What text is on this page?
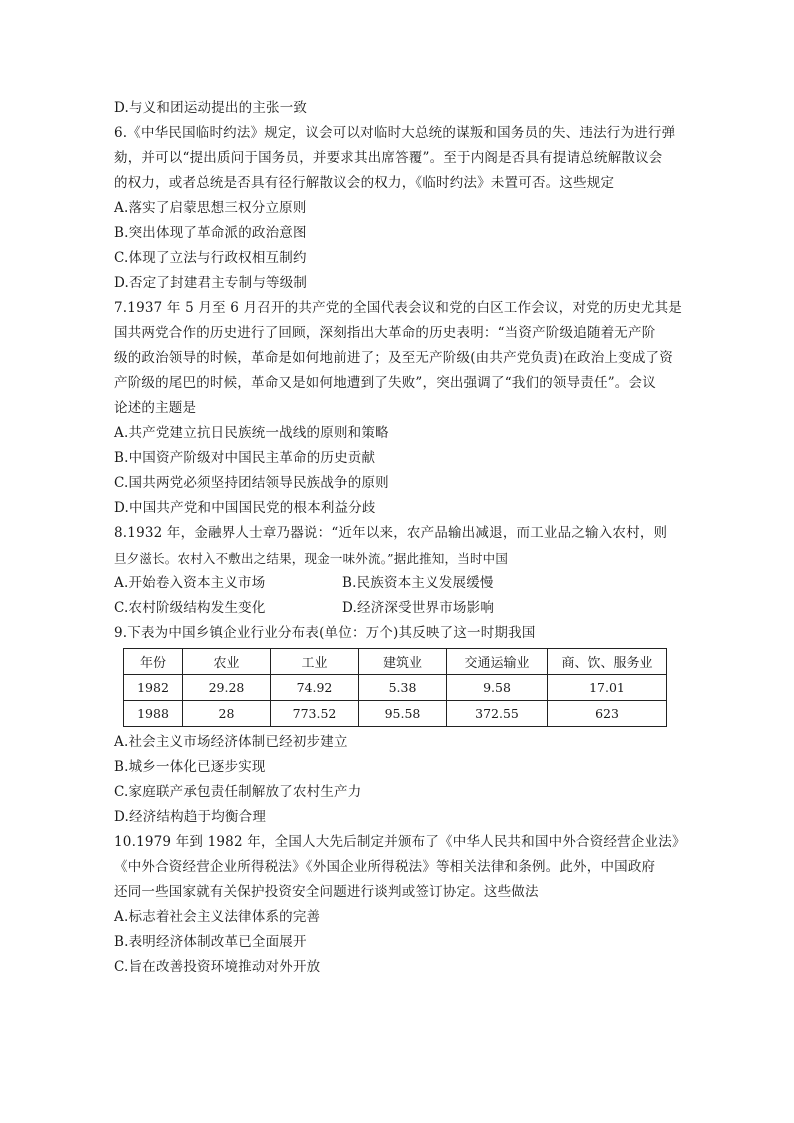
D.与义和团运动提出的主张一致
6.《中华民国临时约法》规定，议会可以对临时大总统的谋叛和国务员的失、违法行为进行弹
劾，并可以“提出质问于国务员，并要求其出席答覆”。至于内阁是否具有提请总统解散议会
的权力，或者总统是否具有径行解散议会的权力，《临时约法》未置可否。这些规定
A.落实了启蒙思想三权分立原则
B.突出体现了革命派的政治意图
C.体现了立法与行政权相互制约
D.否定了封建君主专制与等级制
7.1937 年 5 月至 6 月召开的共产党的全国代表会议和党的白区工作会议，对党的历史尤其是
国共两党合作的历史进行了回顾，深刻指出大革命的历史表明：“当资产阶级追随着无产阶
级的政治领导的时候，革命是如何地前进了；及至无产阶级(由共产党负责)在政治上变成了资
产阶级的尾巴的时候，革命又是如何地遭到了失败”，突出强调了“我们的领导责任”。会议
论述的主题是
A.共产党建立抗日民族统一战线的原则和策略
B.中国资产阶级对中国民主革命的历史贡献
C.国共两党必须坚持团结领导民族战争的原则
D.中国共产党和中国国民党的根本利益分歧
8.1932 年，金融界人士章乃器说：“近年以来，农产品输出减退，而工业品之输入农村，则
旦夕滋长。农村入不敷出之结果，现金一味外流。”据此推知，当时中国
A.开始卷入资本主义市场	B.民族资本主义发展缓慢
C.农村阶级结构发生变化	D.经济深受世界市场影响
9.下表为中国乡镇企业行业分布表(单位：万个)其反映了这一时期我国
年份	农业	工业	建筑业	交通运输业	商、饮、服务业
1982	29.28	74.92	5.38	9.58	17.01
1988	28	773.52	95.58	372.55	623
A.社会主义市场经济体制已经初步建立
B.城乡一体化已逐步实现
C.家庭联产承包责任制解放了农村生产力
D.经济结构趋于均衡合理
10.1979 年到 1982 年，全国人大先后制定并颁布了《中华人民共和国中外合资经营企业法》
《中外合资经营企业所得税法》《外国企业所得税法》等相关法律和条例。此外，中国政府
还同一些国家就有关保护投资安全问题进行谈判或签订协定。这些做法
A.标志着社会主义法律体系的完善
B.表明经济体制改革已全面展开
C.旨在改善投资环境推动对外开放
